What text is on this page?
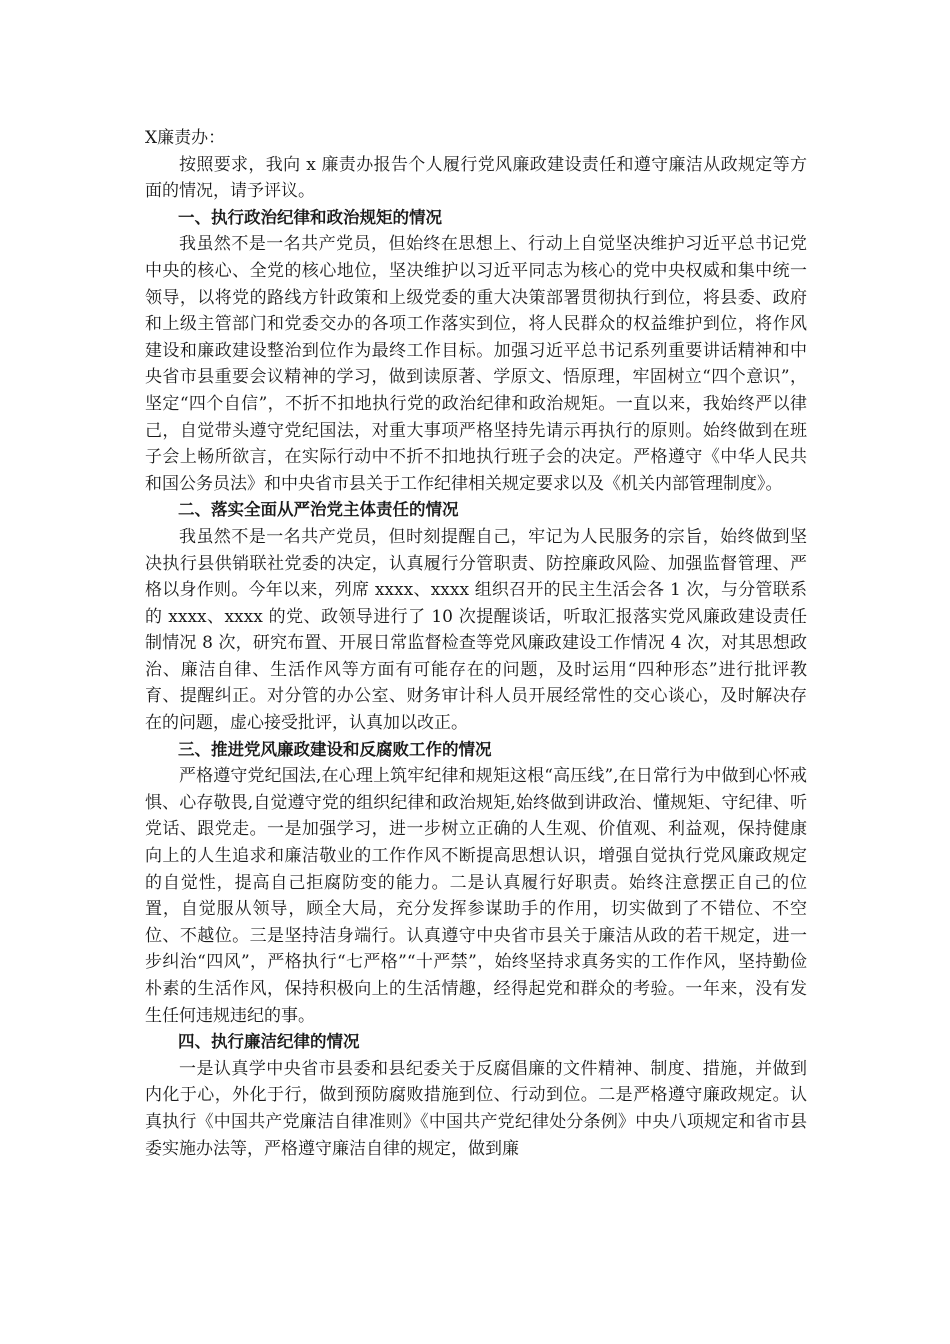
X廉责办：

按照要求，我向 x 廉责办报告个人履行党风廉政建设责任和遵守廉洁从政规定等方面的情况，请予评议。

一、执行政治纪律和政治规矩的情况

我虽然不是一名共产党员，但始终在思想上、行动上自觉坚决维护习近平总书记党中央的核心、全党的核心地位，坚决维护以习近平同志为核心的党中央权威和集中统一领导，以将党的路线方针政策和上级党委的重大决策部署贯彻执行到位，将县委、政府和上级主管部门和党委交办的各项工作落实到位，将人民群众的权益维护到位，将作风建设和廉政建设整治到位作为最终工作目标。加强习近平总书记系列重要讲话精神和中央省市县重要会议精神的学习，做到读原著、学原文、悟原理，牢固树立“四个意识”，坚定“四个自信”，不折不扣地执行党的政治纪律和政治规矩。一直以来，我始终严以律己，自觉带头遵守党纪国法，对重大事项严格坚持先请示再执行的原则。始终做到在班子会上畅所欲言，在实际行动中不折不扣地执行班子会的决定。严格遵守《中华人民共和国公务员法》和中央省市县关于工作纪律相关规定要求以及《机关内部管理制度》。

二、落实全面从严治党主体责任的情况

我虽然不是一名共产党员，但时刻提醒自己，牢记为人民服务的宗旨，始终做到坚决执行县供销联社党委的决定，认真履行分管职责、防控廉政风险、加强监督管理、严格以身作则。今年以来，列席 xxxx、xxxx 组织召开的民主生活会各 1 次，与分管联系的 xxxx、xxxx 的党、政领导进行了 10 次提醒谈话，听取汇报落实党风廉政建设责任制情况 8 次，研究布置、开展日常监督检查等党风廉政建设工作情况 4 次，对其思想政治、廉洁自律、生活作风等方面有可能存在的问题，及时运用“四种形态”进行批评教育、提醒纠正。对分管的办公室、财务审计科人员开展经常性的交心谈心，及时解决存在的问题，虚心接受批评，认真加以改正。

三、推进党风廉政建设和反腐败工作的情况

严格遵守党纪国法,在心理上筑牢纪律和规矩这根“高压线”,在日常行为中做到心怀戒惧、心存敬畏,自觉遵守党的组织纪律和政治规矩,始终做到讲政治、懂规矩、守纪律、听党话、跟党走。一是加强学习，进一步树立正确的人生观、价值观、利益观，保持健康向上的人生追求和廉洁敬业的工作作风不断提高思想认识，增强自觉执行党风廉政规定的自觉性，提高自己拒腐防变的能力。二是认真履行好职责。始终注意摆正自己的位置，自觉服从领导，顾全大局，充分发挥参谋助手的作用，切实做到了不错位、不空位、不越位。三是坚持洁身端行。认真遵守中央省市县关于廉洁从政的若干规定，进一步纠治“四风”，严格执行“七严格”“十严禁”，始终坚持求真务实的工作作风，坚持勤俭朴素的生活作风，保持积极向上的生活情趣，经得起党和群众的考验。一年来，没有发生任何违规违纪的事。

四、执行廉洁纪律的情况

一是认真学中央省市县委和县纪委关于反腐倡廉的文件精神、制度、措施，并做到内化于心，外化于行，做到预防腐败措施到位、行动到位。二是严格遵守廉政规定。认真执行《中国共产党廉洁自律准则》《中国共产党纪律处分条例》中央八项规定和省市县委实施办法等，严格遵守廉洁自律的规定，做到廉
